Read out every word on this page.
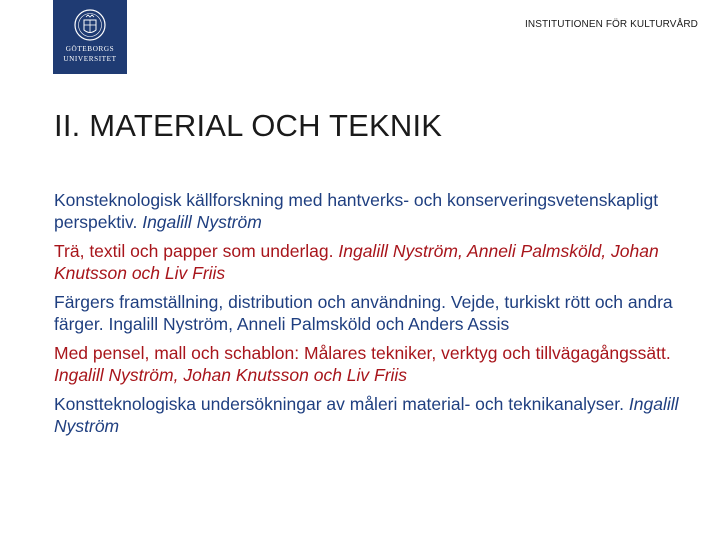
GÖTEBORGS
UNIVERSITET
INSTITUTIONEN FÖR KULTURVÅRD
II. MATERIAL OCH TEKNIK

Konsteknologisk källforskning med hantverks- och konserveringsvetenskapligt perspektiv. Ingalill Nyström

Trä, textil och papper som underlag. Ingalill Nyström, Anneli Palmsköld, Johan Knutsson och Liv Friis

Färgers framställning, distribution och användning. Vejde, turkiskt rött och andra färger. Ingalill Nyström, Anneli Palmsköld och Anders Assis

Med pensel, mall och schablon: Målares tekniker, verktyg och tillvägagångssätt. Ingalill Nyström, Johan Knutsson och Liv Friis

Konstteknologiska undersökningar av måleri material- och teknikanalyser. Ingalill Nyström
